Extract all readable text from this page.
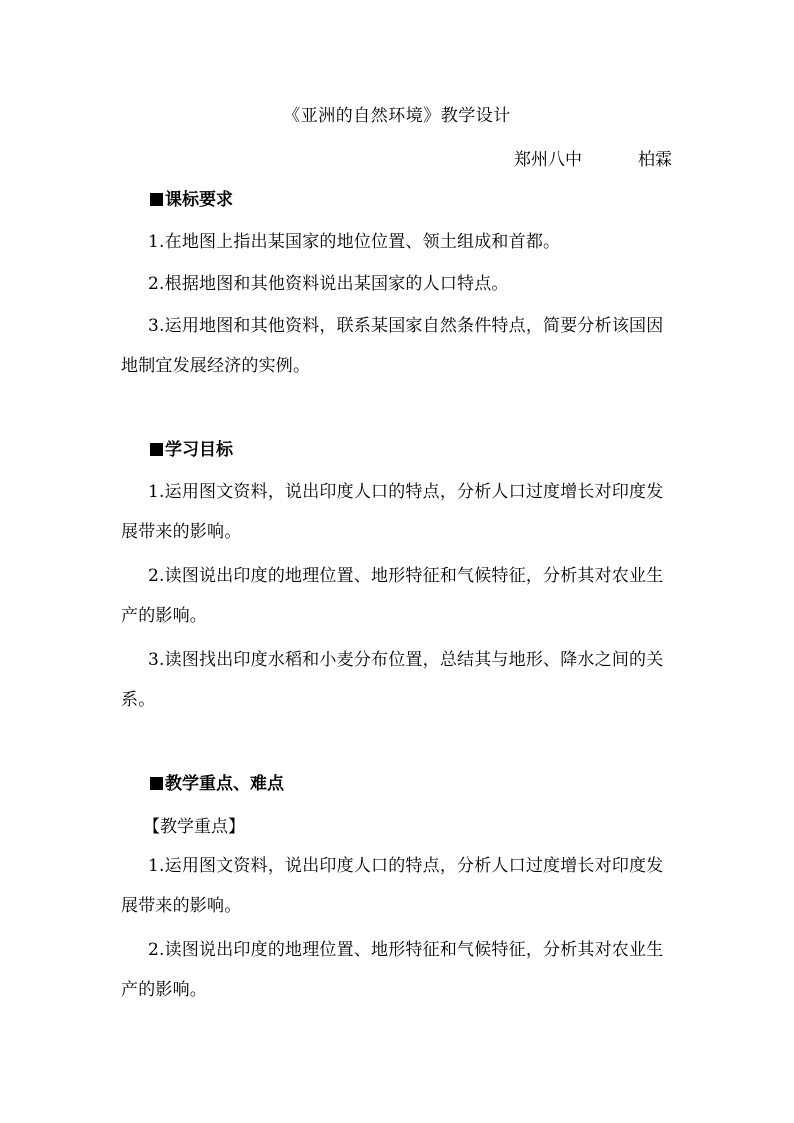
《亚洲的自然环境》教学设计
郑州八中	柏霖
课标要求
1.在地图上指出某国家的地位位置、领土组成和首都。
2.根据地图和其他资料说出某国家的人口特点。
3.运用地图和其他资料，联系某国家自然条件特点，简要分析该国因地制宜发展经济的实例。
学习目标
1.运用图文资料，说出印度人口的特点，分析人口过度增长对印度发展带来的影响。
2.读图说出印度的地理位置、地形特征和气候特征，分析其对农业生产的影响。
3.读图找出印度水稻和小麦分布位置，总结其与地形、降水之间的关系。
教学重点、难点
【教学重点】
1.运用图文资料，说出印度人口的特点，分析人口过度增长对印度发展带来的影响。
2.读图说出印度的地理位置、地形特征和气候特征，分析其对农业生产的影响。
